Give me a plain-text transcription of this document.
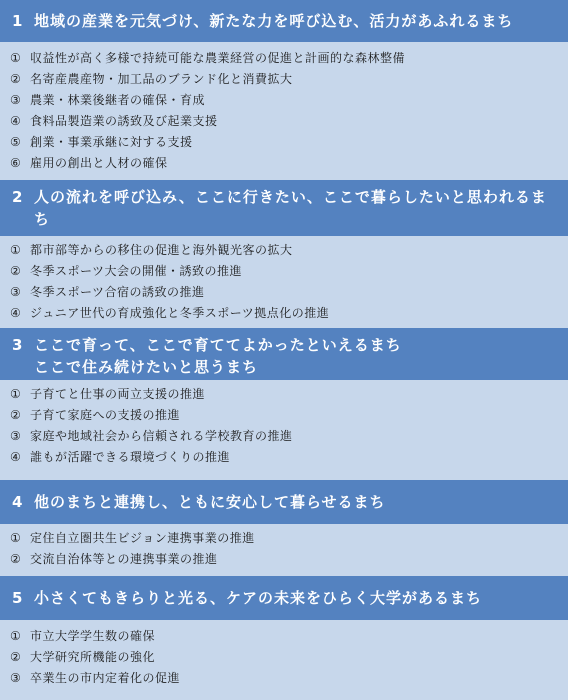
1 地域の産業を元気づけ、新たな力を呼び込む、活力があふれるまち
① 収益性が高く多様で持続可能な農業経営の促進と計画的な森林整備
② 名寄産農産物・加工品のブランド化と消費拡大
③ 農業・林業後継者の確保・育成
④ 食料品製造業の誘致及び起業支援
⑤ 創業・事業承継に対する支援
⑥ 雇用の創出と人材の確保
2 人の流れを呼び込み、ここに行きたい、ここで暮らしたいと思われるまち
① 都市部等からの移住の促進と海外観光客の拡大
② 冬季スポーツ大会の開催・誘致の推進
③ 冬季スポーツ合宿の誘致の推進
④ ジュニア世代の育成強化と冬季スポーツ拠点化の推進
3 ここで育って、ここで育ててよかったといえるまち
ここで住み続けたいと思うまち
① 子育てと仕事の両立支援の推進
② 子育て家庭への支援の推進
③ 家庭や地域社会から信頼される学校教育の推進
④ 誰もが活躍できる環境づくりの推進
4 他のまちと連携し、ともに安心して暮らせるまち
① 定住自立圏共生ビジョン連携事業の推進
② 交流自治体等との連携事業の推進
5 小さくてもきらりと光る、ケアの未来をひらく大学があるまち
① 市立大学学生数の確保
② 大学研究所機能の強化
③ 卒業生の市内定着化の促進
